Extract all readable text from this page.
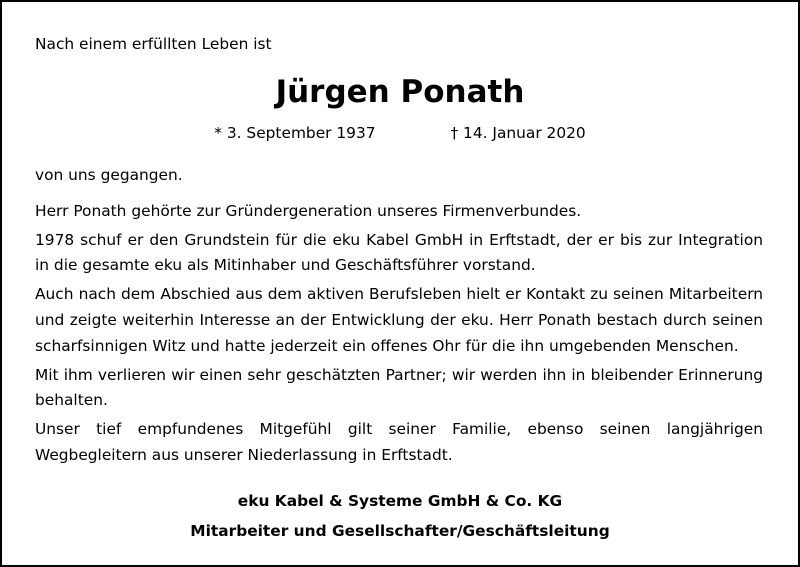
Nach einem erfüllten Leben ist
Jürgen Ponath
* 3. September 1937	† 14. Januar 2020

von uns gegangen.

Herr Ponath gehörte zur Gründergeneration unseres Firmenverbundes.

1978 schuf er den Grundstein für die eku Kabel GmbH in Erftstadt, der er bis zur Integration in die gesamte eku als Mitinhaber und Geschäftsführer vorstand.

Auch nach dem Abschied aus dem aktiven Berufsleben hielt er Kontakt zu seinen Mitarbeitern und zeigte weiterhin Interesse an der Entwicklung der eku. Herr Ponath bestach durch seinen scharfsinnigen Witz und hatte jederzeit ein offenes Ohr für die ihn umgebenden Menschen.

Mit ihm verlieren wir einen sehr geschätzten Partner; wir werden ihn in bleibender Erinnerung behalten.

Unser tief empfundenes Mitgefühl gilt seiner Familie, ebenso seinen langjährigen Wegbegleitern aus unserer Niederlassung in Erftstadt.

eku Kabel & Systeme GmbH & Co. KG
Mitarbeiter und Gesellschafter/Geschäftsleitung
